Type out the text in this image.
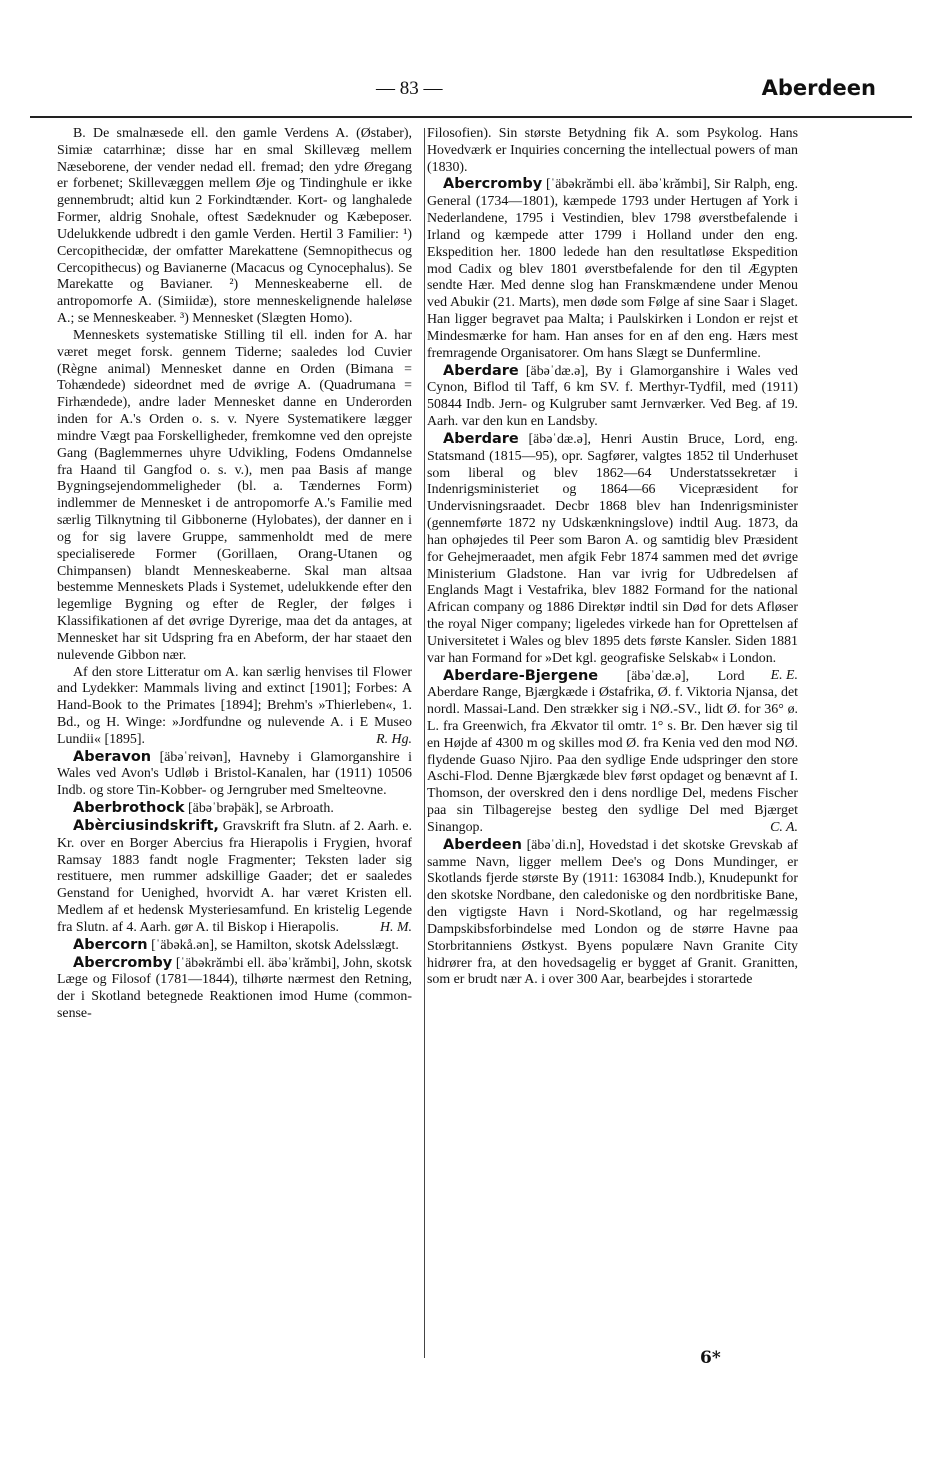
— 83 —	Aberdeen

B. De smalnæsede ell. den gamle Verdens A. (Østaber), Simiæ catarrhinæ; disse har en smal Skillevæg mellem Næseborene, der vender nedad ell. fremad; den ydre Øregang er forbenet; Skillevæggen mellem Øje og Tindinghule er ikke gennembrudt; altid kun 2 Forkindtænder. Kort- og langhalede Former, aldrig Snohale, oftest Sædeknuder og Kæbeposer. Udelukkende udbredt i den gamle Verden. Hertil 3 Familier: ¹) Cercopithecidæ, der omfatter Marekattene (Semnopithecus og Cercopithecus) og Bavianerne (Macacus og Cynocephalus). Se Marekatte og Bavianer. ²) Menneskeaberne ell. de antropomorfe A. (Simiidæ), store menneskelignende haleløse A.; se Menneskeaber. ³) Mennesket (Slægten Homo).

Menneskets systematiske Stilling til ell. inden for A. har været meget forsk. gennem Tiderne; saaledes lod Cuvier (Règne animal) Mennesket danne en Orden (Bimana = Tohændede) sideordnet med de øvrige A. (Quadrumana = Firhændede), andre lader Mennesket danne en Underorden inden for A.'s Orden o. s. v. Nyere Systematikere lægger mindre Vægt paa Forskelligheder, fremkomne ved den oprejste Gang (Baglemmernes uhyre Udvikling, Fodens Omdannelse fra Haand til Gangfod o. s. v.), men paa Basis af mange Bygningsejendommeligheder (bl. a. Tændernes Form) indlemmer de Mennesket i de antropomorfe A.'s Familie med særlig Tilknytning til Gibbonerne (Hylobates), der danner en i og for sig lavere Gruppe, sammenholdt med de mere specialiserede Former (Gorillaen, Orang-Utanen og Chimpansen) blandt Menneskeaberne. Skal man altsaa bestemme Menneskets Plads i Systemet, udelukkende efter den legemlige Bygning og efter de Regler, der følges i Klassifikationen af det øvrige Dyrerige, maa det da antages, at Mennesket har sit Udspring fra en Abeform, der har staaet den nulevende Gibbon nær.

Af den store Litteratur om A. kan særlig henvises til Flower and Lydekker: Mammals living and extinct [1901]; Forbes: A Hand-Book to the Primates [1894]; Brehm's »Thierleben«, 1. Bd., og H. Winge: »Jordfundne og nulevende A. i E Museo Lundii« [1895].	R. Hg.

Aberavon [äbəˈreivən], Havneby i Glamorganshire i Wales ved Avon's Udløb i Bristol-Kanalen, har (1911) 10506 Indb. og store Tin-Kobber- og Jerngruber med Smelteovne.

Aberbrothock [äbəˈbrəþäk], se Arbroath.

Abèrciusindskrift, Gravskrift fra Slutn. af 2. Aarh. e. Kr. over en Borger Abercius fra Hierapolis i Frygien, hvoraf Ramsay 1883 fandt nogle Fragmenter; Teksten lader sig restituere, men rummer adskillige Gaader; det er saaledes Genstand for Uenighed, hvorvidt A. har været Kristen ell. Medlem af et hedensk Mysteriesamfund. En kristelig Legende fra Slutn. af 4. Aarh. gør A. til Biskop i Hierapolis.	H. M.

Abercorn [ˈäbəkå.ən], se Hamilton, skotsk Adelsslægt.

Abercromby [ˈäbəkrămbi ell. äbəˈkrămbi], John, skotsk Læge og Filosof (1781—1844), tilhørte nærmest den Retning, der i Skotland betegnede Reaktionen imod Hume (common-sense-

Filosofien). Sin største Betydning fik A. som Psykolog. Hans Hovedværk er Inquiries concerning the intellectual powers of man (1830).

Abercromby [ˈäbəkrămbi ell. äbəˈkrămbi], Sir Ralph, eng. General (1734—1801), kæmpede 1793 under Hertugen af York i Nederlandene, 1795 i Vestindien, blev 1798 øverstbefalende i Irland og kæmpede atter 1799 i Holland under den eng. Ekspedition her. 1800 ledede han den resultatløse Ekspedition mod Cadix og blev 1801 øverstbefalende for den til Ægypten sendte Hær. Med denne slog han Franskmændene under Menou ved Abukir (21. Marts), men døde som Følge af sine Saar i Slaget. Han ligger begravet paa Malta; i Paulskirken i London er rejst et Mindesmærke for ham. Han anses for en af den eng. Hærs mest fremragende Organisatorer. Om hans Slægt se Dunfermline.

Aberdare [äbəˈdæ.ə], By i Glamorganshire i Wales ved Cynon, Biflod til Taff, 6 km SV. f. Merthyr-Tydfil, med (1911) 50844 Indb. Jern- og Kulgruber samt Jernværker. Ved Beg. af 19. Aarh. var den kun en Landsby.

Aberdare [äbəˈdæ.ə], Henri Austin Bruce, Lord, eng. Statsmand (1815—95), opr. Sagfører, valgtes 1852 til Underhuset som liberal og blev 1862—64 Understatssekretær i Indenrigsministeriet og 1864—66 Vicepræsident for Undervisningsraadet. Decbr 1868 blev han Indenrigsminister (gennemførte 1872 ny Udskænkningslove) indtil Aug. 1873, da han ophøjedes til Peer som Baron A. og samtidig blev Præsident for Gehejmeraadet, men afgik Febr 1874 sammen med det øvrige Ministerium Gladstone. Han var ivrig for Udbredelsen af Englands Magt i Vestafrika, blev 1882 Formand for the national African company og 1886 Direktør indtil sin Død for dets Afløser the royal Niger company; ligeledes virkede han for Oprettelsen af Universitetet i Wales og blev 1895 dets første Kansler. Siden 1881 var han Formand for »Det kgl. geografiske Selskab« i London.
E. E.

Aberdare-Bjergene [äbəˈdæ.ə], Lord Aberdare Range, Bjærgkæde i Østafrika, Ø. f. Viktoria Njansa, det nordl. Massai-Land. Den strækker sig i NØ.-SV., lidt Ø. for 36° ø. L. fra Greenwich, fra Ækvator til omtr. 1° s. Br. Den hæver sig til en Højde af 4300 m og skilles mod Ø. fra Kenia ved den mod NØ. flydende Guaso Njiro. Paa den sydlige Ende udspringer den store Aschi-Flod. Denne Bjærgkæde blev først opdaget og benævnt af I. Thomson, der overskred den i dens nordlige Del, medens Fischer paa sin Tilbagerejse besteg den sydlige Del med Bjærget Sinangop.	C. A.

Aberdeen [äbəˈdi.n], Hovedstad i det skotske Grevskab af samme Navn, ligger mellem Dee's og Dons Mundinger, er Skotlands fjerde største By (1911: 163084 Indb.), Knudepunkt for den skotske Nordbane, den caledoniske og den nordbritiske Bane, den vigtigste Havn i Nord-Skotland, og har regelmæssig Dampskibsforbindelse med London og de større Havne paa Storbritanniens Østkyst. Byens populære Navn Granite City hidrører fra, at den hovedsagelig er bygget af Granit. Granitten, som er brudt nær A. i over 300 Aar, bearbejdes i storartede

6*
